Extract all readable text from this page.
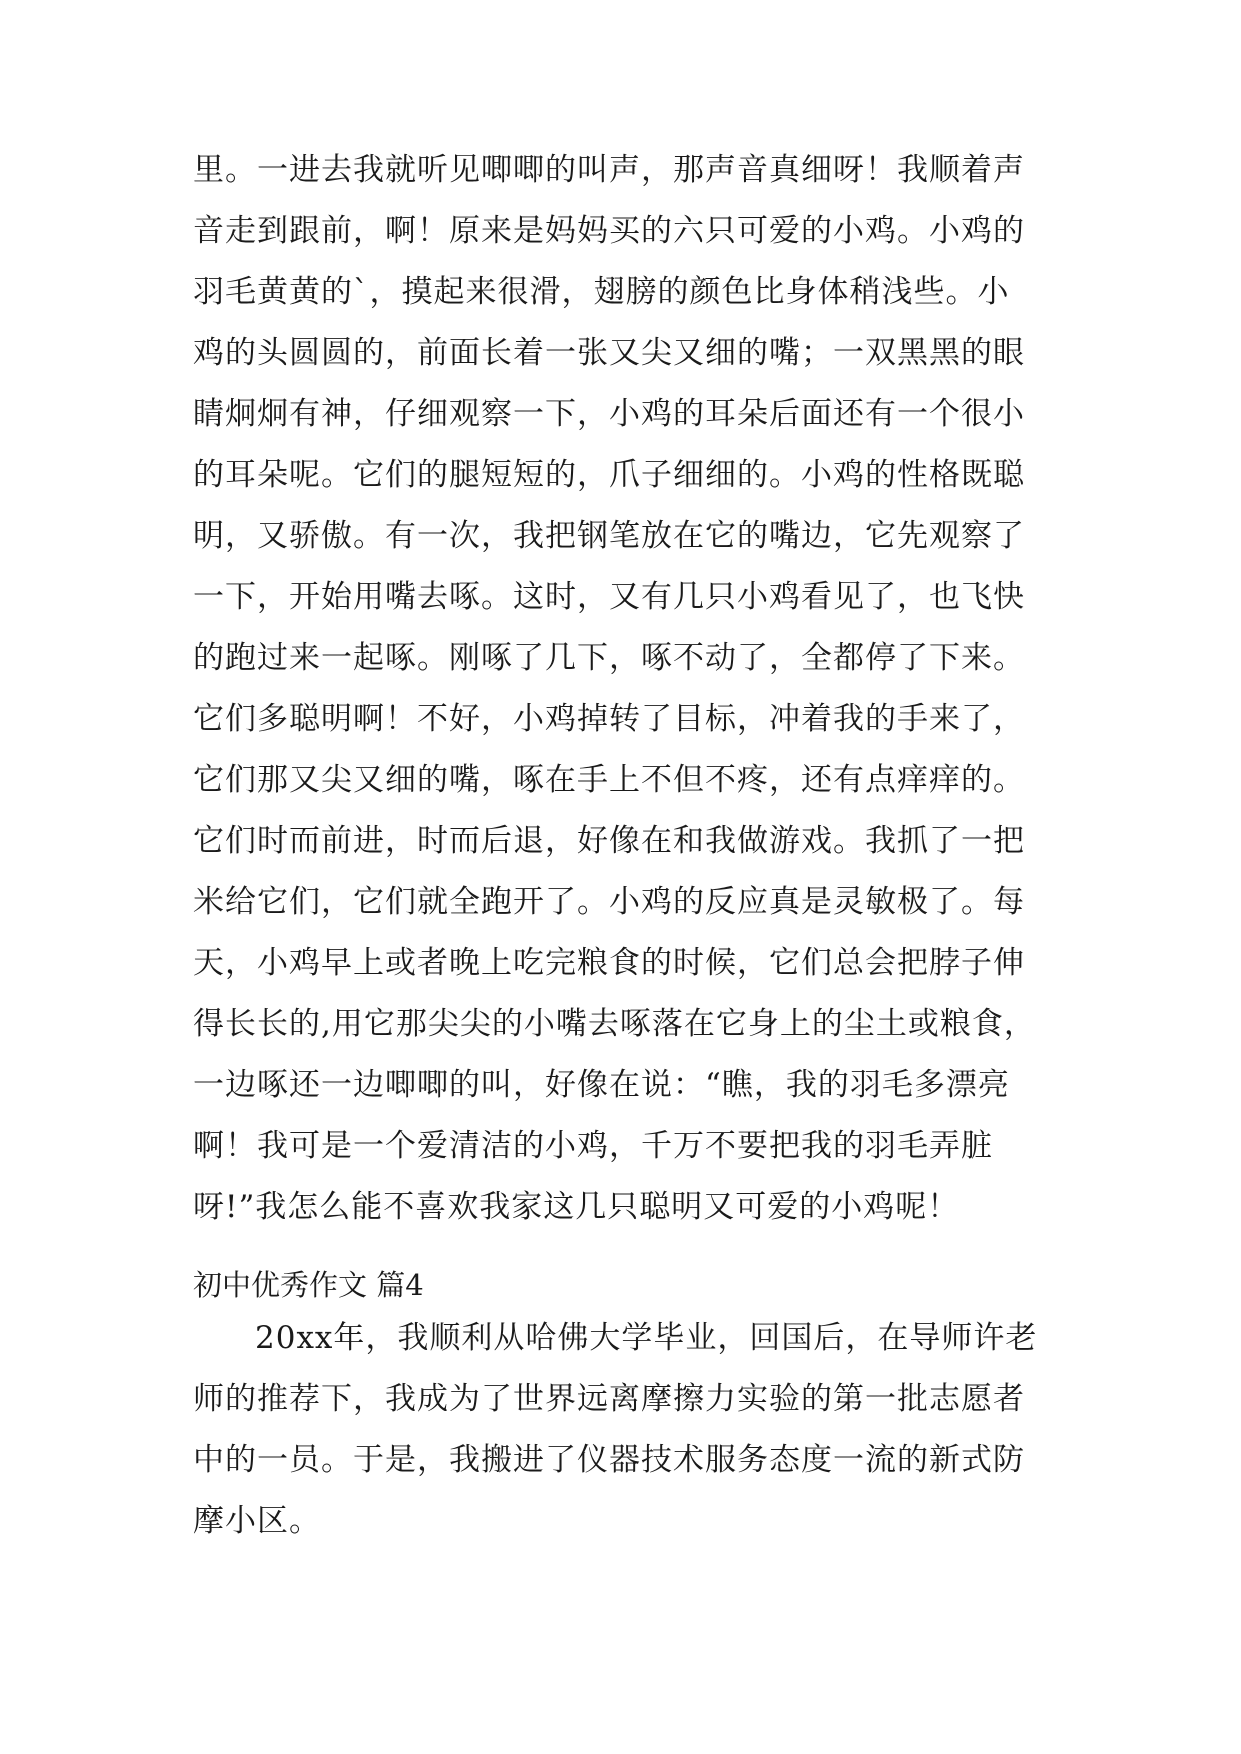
里。一进去我就听见唧唧的叫声，那声音真细呀！我顺着声
音走到跟前，啊！原来是妈妈买的六只可爱的小鸡。小鸡的
羽毛黄黄的`，摸起来很滑，翅膀的颜色比身体稍浅些。小
鸡的头圆圆的，前面长着一张又尖又细的嘴；一双黑黑的眼
睛炯炯有神，仔细观察一下，小鸡的耳朵后面还有一个很小
的耳朵呢。它们的腿短短的，爪子细细的。小鸡的性格既聪
明，又骄傲。有一次，我把钢笔放在它的嘴边，它先观察了
一下，开始用嘴去啄。这时，又有几只小鸡看见了，也飞快
的跑过来一起啄。刚啄了几下，啄不动了，全都停了下来。
它们多聪明啊！不好，小鸡掉转了目标，冲着我的手来了，
它们那又尖又细的嘴，啄在手上不但不疼，还有点痒痒的。
它们时而前进，时而后退，好像在和我做游戏。我抓了一把
米给它们，它们就全跑开了。小鸡的反应真是灵敏极了。每
天，小鸡早上或者晚上吃完粮食的时候，它们总会把脖子伸
得长长的,用它那尖尖的小嘴去啄落在它身上的尘土或粮食，
一边啄还一边唧唧的叫，好像在说：“瞧，我的羽毛多漂亮
啊！我可是一个爱清洁的小鸡，千万不要把我的羽毛弄脏
呀!”我怎么能不喜欢我家这几只聪明又可爱的小鸡呢！
初中优秀作文 篇4
20xx年，我顺利从哈佛大学毕业，回国后，在导师许老
师的推荐下，我成为了世界远离摩擦力实验的第一批志愿者
中的一员。于是，我搬进了仪器技术服务态度一流的新式防
摩小区。
